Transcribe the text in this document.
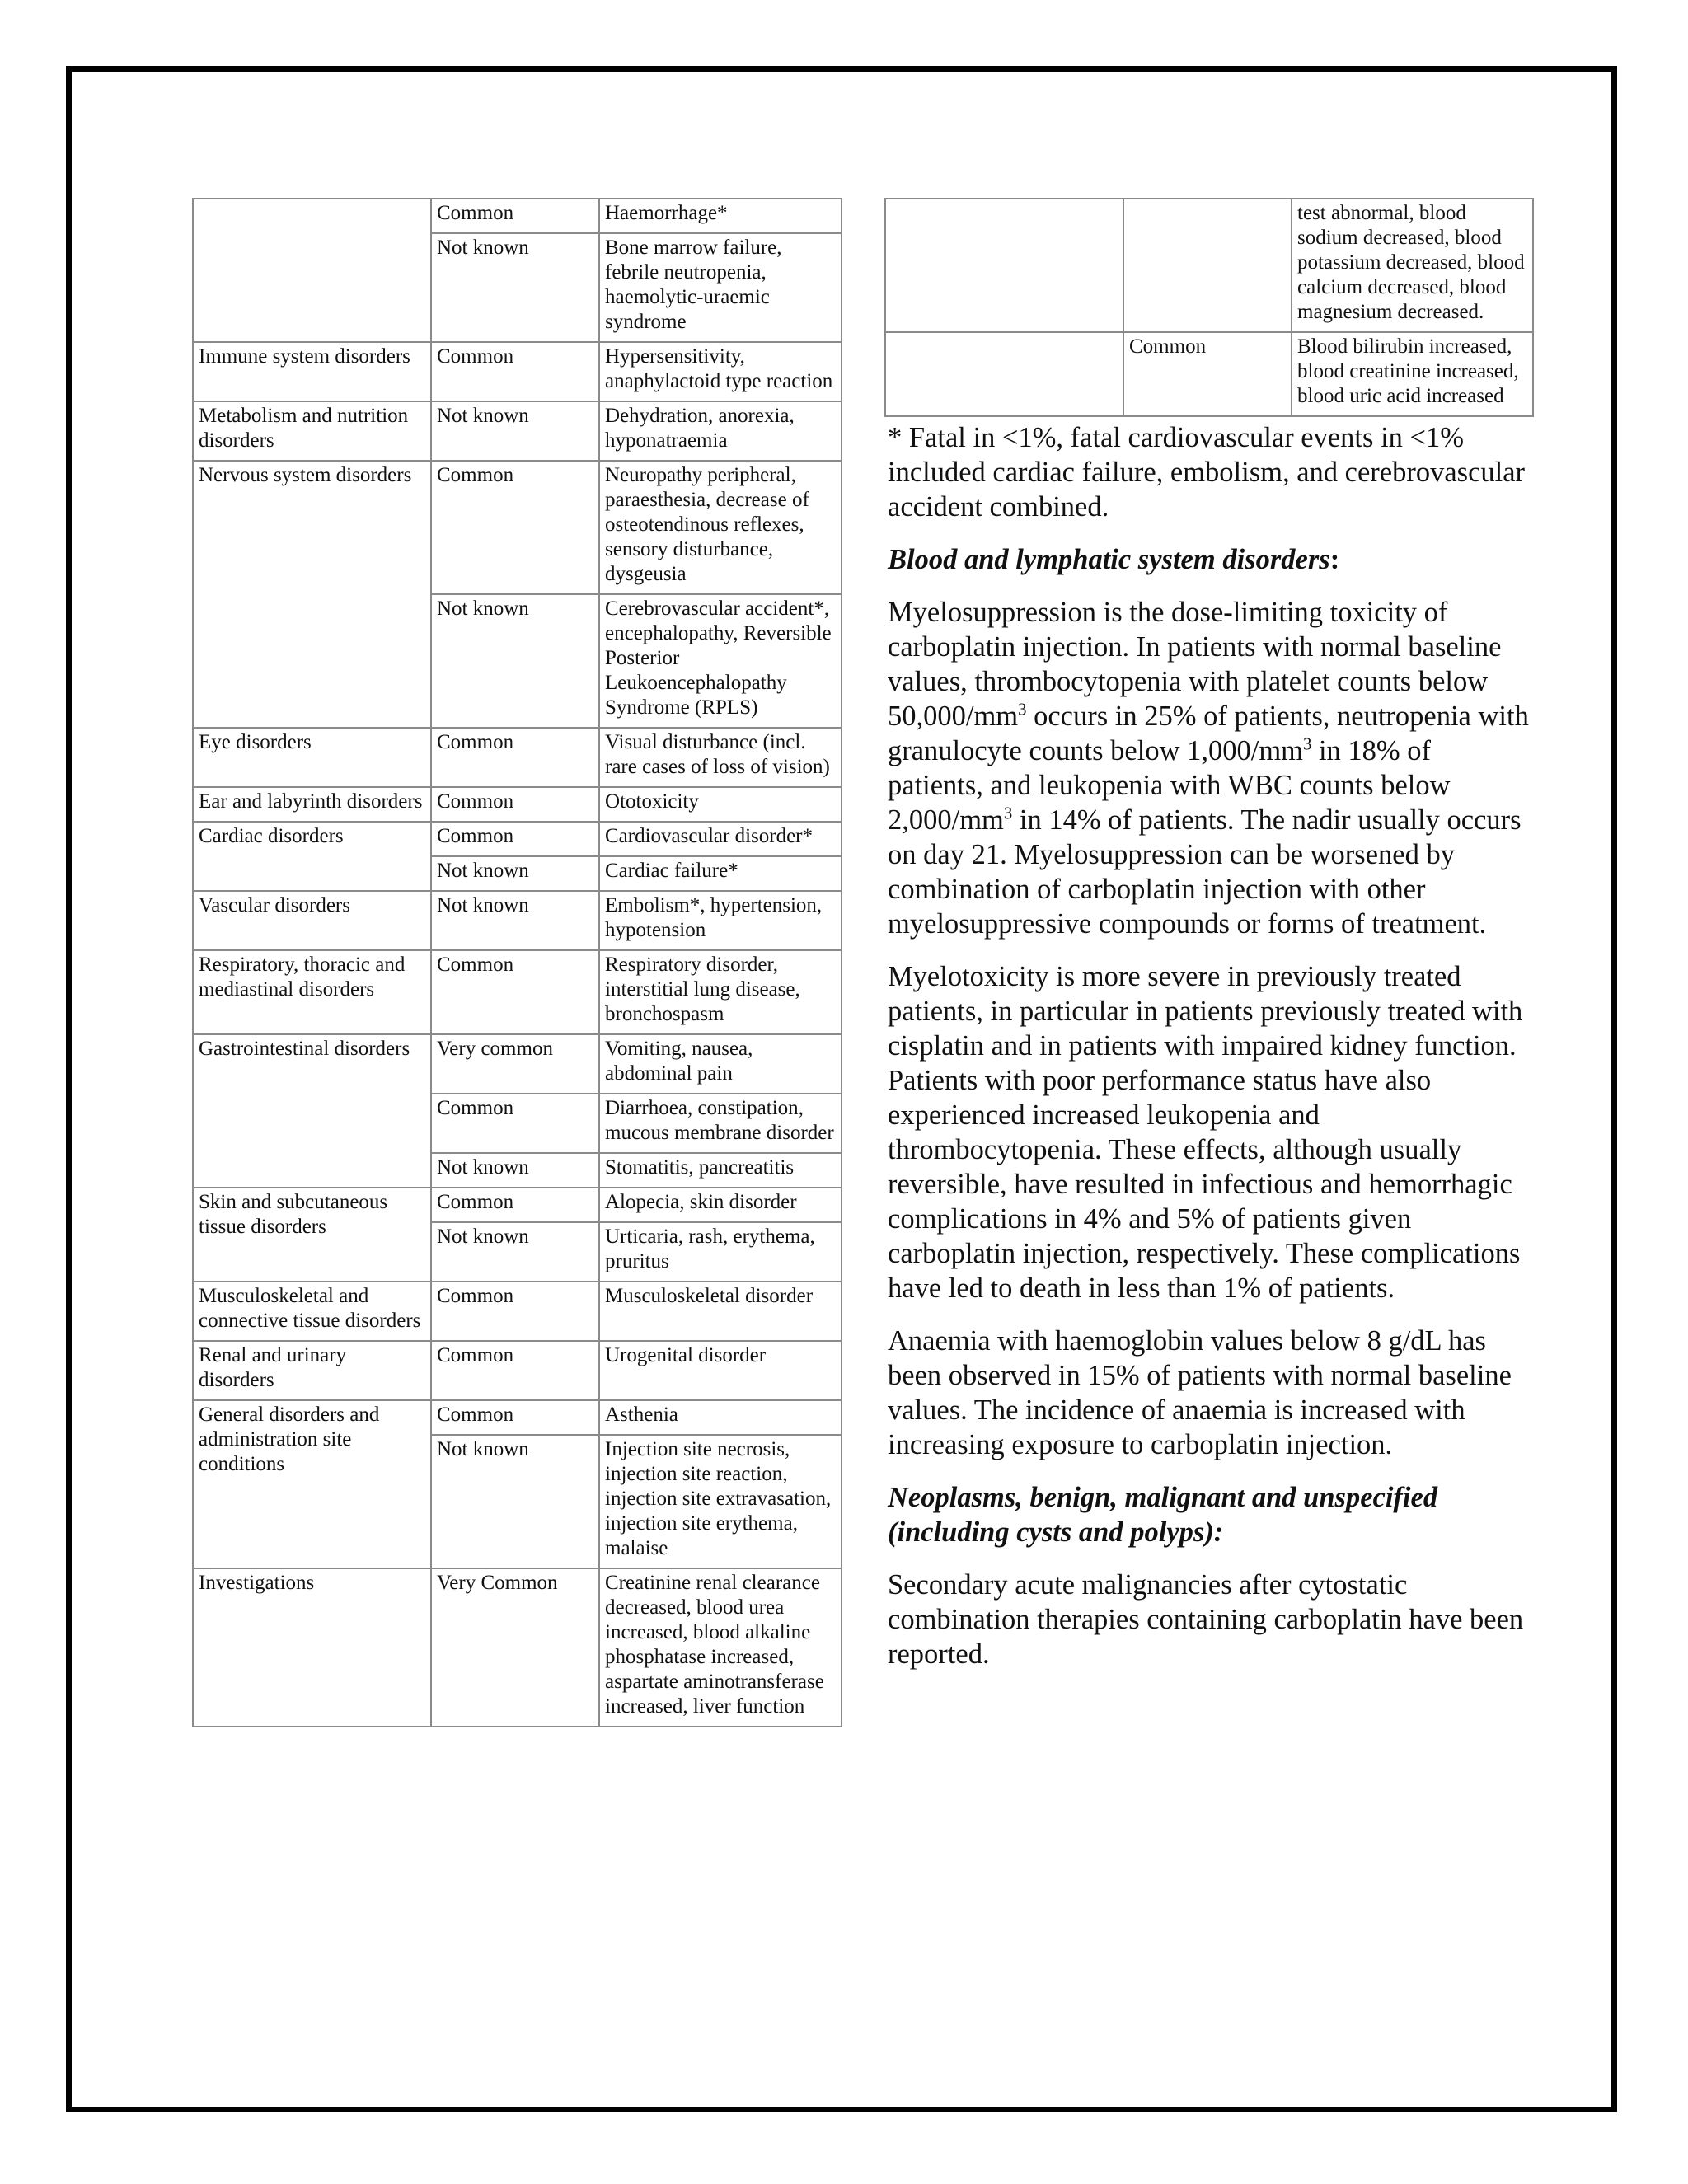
	Common	Haemorrhage*
	Not known	Bone marrow failure, febrile neutropenia, haemolytic-uraemic syndrome
Immune system disorders	Common	Hypersensitivity, anaphylactoid type reaction
Metabolism and nutrition disorders	Not known	Dehydration, anorexia, hyponatraemia
Nervous system disorders	Common	Neuropathy peripheral, paraesthesia, decrease of osteotendinous reflexes, sensory disturbance, dysgeusia
	Not known	Cerebrovascular accident*, encephalopathy, Reversible Posterior Leukoencephalopathy Syndrome (RPLS)
Eye disorders	Common	Visual disturbance (incl. rare cases of loss of vision)
Ear and labyrinth disorders	Common	Ototoxicity
Cardiac disorders	Common	Cardiovascular disorder*
	Not known	Cardiac failure*
Vascular disorders	Not known	Embolism*, hypertension, hypotension
Respiratory, thoracic and mediastinal disorders	Common	Respiratory disorder, interstitial lung disease, bronchospasm
Gastrointestinal disorders	Very common	Vomiting, nausea, abdominal pain
	Common	Diarrhoea, constipation, mucous membrane disorder
	Not known	Stomatitis, pancreatitis
Skin and subcutaneous tissue disorders	Common	Alopecia, skin disorder
	Not known	Urticaria, rash, erythema, pruritus
Musculoskeletal and connective tissue disorders	Common	Musculoskeletal disorder
Renal and urinary disorders	Common	Urogenital disorder
General disorders and administration site conditions	Common	Asthenia
	Not known	Injection site necrosis, injection site reaction, injection site extravasation, injection site erythema, malaise
Investigations	Very Common	Creatinine renal clearance decreased, blood urea increased, blood alkaline phosphatase increased, aspartate aminotransferase increased, liver function
		test abnormal, blood sodium decreased, blood potassium decreased, blood calcium decreased, blood magnesium decreased.
	Common	Blood bilirubin increased, blood creatinine increased, blood uric acid increased

* Fatal in <1%, fatal cardiovascular events in <1% included cardiac failure, embolism, and cerebrovascular accident combined.

Blood and lymphatic system disorders:

Myelosuppression is the dose-limiting toxicity of carboplatin injection. In patients with normal baseline values, thrombocytopenia with platelet counts below $50,000/mm^3$ occurs in 25% of patients, neutropenia with granulocyte counts below $1,000/mm^3$ in 18% of patients, and leukopenia with WBC counts below $2,000/mm^3$ in 14% of patients. The nadir usually occurs on day 21. Myelosuppression can be worsened by combination of carboplatin injection with other myelosuppressive compounds or forms of treatment.

Myelotoxicity is more severe in previously treated patients, in particular in patients previously treated with cisplatin and in patients with impaired kidney function. Patients with poor performance status have also experienced increased leukopenia and thrombocytopenia. These effects, although usually reversible, have resulted in infectious and hemorrhagic complications in 4% and 5% of patients given carboplatin injection, respectively. These complications have led to death in less than 1% of patients.

Anaemia with haemoglobin values below 8 g/dL has been observed in 15% of patients with normal baseline values. The incidence of anaemia is increased with increasing exposure to carboplatin injection.

Neoplasms, benign, malignant and unspecified (including cysts and polyps):

Secondary acute malignancies after cytostatic combination therapies containing carboplatin have been reported.
